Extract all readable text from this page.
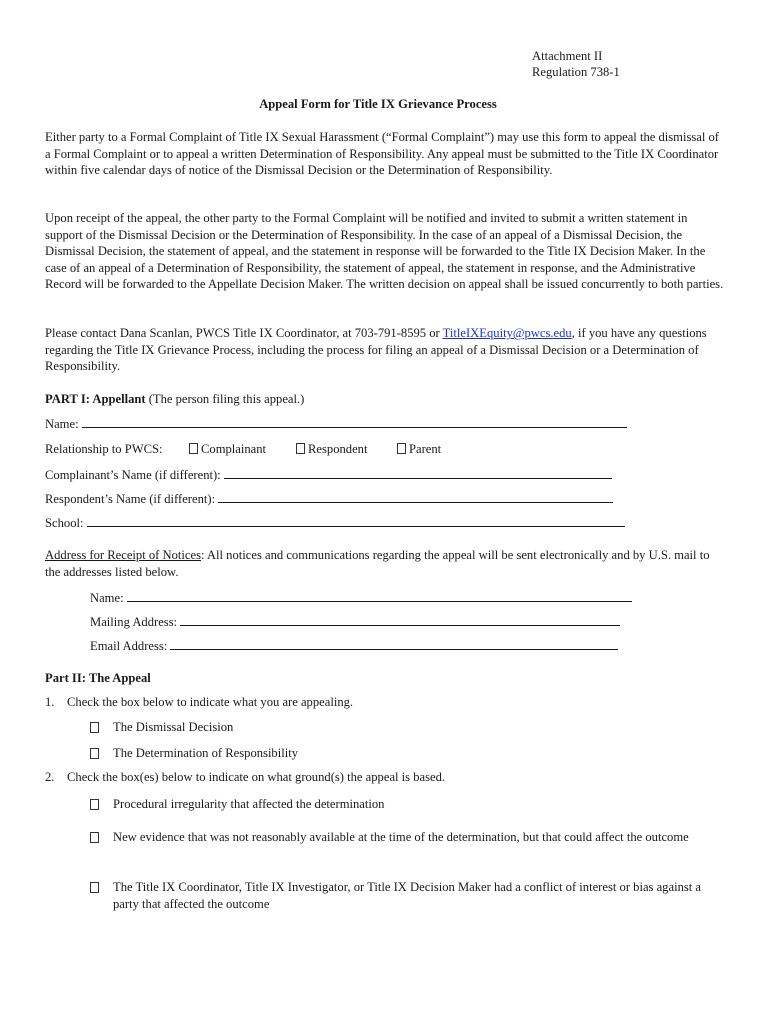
Attachment II
Regulation 738-1
Appeal Form for Title IX Grievance Process
Either party to a Formal Complaint of Title IX Sexual Harassment (“Formal Complaint”) may use this form to appeal the dismissal of a Formal Complaint or to appeal a written Determination of Responsibility. Any appeal must be submitted to the Title IX Coordinator within five calendar days of notice of the Dismissal Decision or the Determination of Responsibility.
Upon receipt of the appeal, the other party to the Formal Complaint will be notified and invited to submit a written statement in support of the Dismissal Decision or the Determination of Responsibility. In the case of an appeal of a Dismissal Decision, the Dismissal Decision, the statement of appeal, and the statement in response will be forwarded to the Title IX Decision Maker. In the case of an appeal of a Determination of Responsibility, the statement of appeal, the statement in response, and the Administrative Record will be forwarded to the Appellate Decision Maker. The written decision on appeal shall be issued concurrently to both parties.
Please contact Dana Scanlan, PWCS Title IX Coordinator, at 703-791-8595 or TitleIXEquity@pwcs.edu, if you have any questions regarding the Title IX Grievance Process, including the process for filing an appeal of a Dismissal Decision or a Determination of Responsibility.
PART I: Appellant (The person filing this appeal.)
Name:
Relationship to PWCS:	Complainant	Respondent	Parent
Complainant’s Name (if different):
Respondent’s Name (if different):
School:
Address for Receipt of Notices: All notices and communications regarding the appeal will be sent electronically and by U.S. mail to the addresses listed below.
Name:
Mailing Address:
Email Address:
Part II: The Appeal
1. Check the box below to indicate what you are appealing.
The Dismissal Decision
The Determination of Responsibility
2. Check the box(es) below to indicate on what ground(s) the appeal is based.
Procedural irregularity that affected the determination
New evidence that was not reasonably available at the time of the determination, but that could affect the outcome
The Title IX Coordinator, Title IX Investigator, or Title IX Decision Maker had a conflict of interest or bias against a party that affected the outcome
